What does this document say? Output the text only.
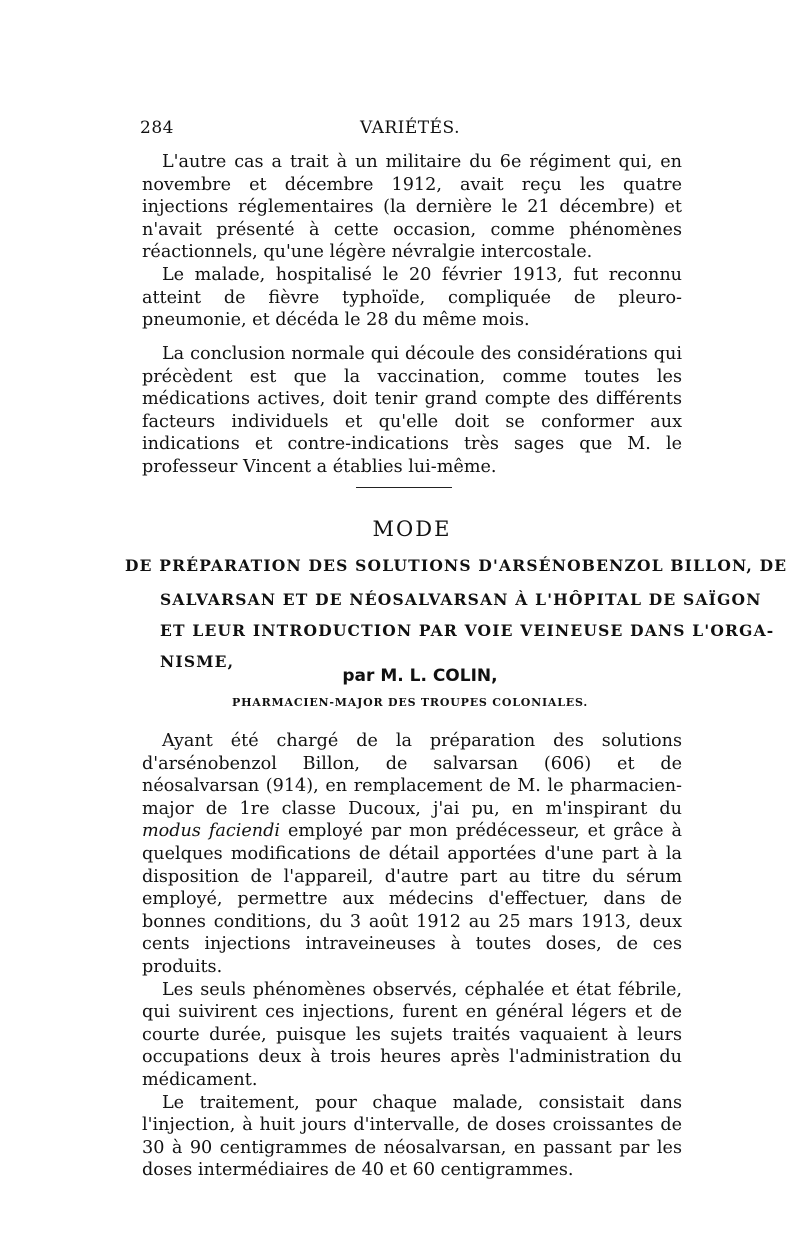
284	VARIÉTÉS.

L'autre cas a trait à un militaire du 6e régiment qui, en novembre et décembre 1912, avait reçu les quatre injections réglementaires (la dernière le 21 décembre) et n'avait présenté à cette occasion, comme phénomènes réactionnels, qu'une légère névralgie intercostale.

Le malade, hospitalisé le 20 février 1913, fut reconnu atteint de fièvre typhoïde, compliquée de pleuro-pneumonie, et décéda le 28 du même mois.

La conclusion normale qui découle des considérations qui précèdent est que la vaccination, comme toutes les médications actives, doit tenir grand compte des différents facteurs individuels et qu'elle doit se conformer aux indications et contre-indications très sages que M. le professeur Vincent a établies lui-même.

MODE
DE PRÉPARATION DES SOLUTIONS D'ARSÉNOBENZOL BILLON, DE
SALVARSAN ET DE NÉOSALVARSAN À L'HÔPITAL DE SAÏGON
ET LEUR INTRODUCTION PAR VOIE VEINEUSE DANS L'ORGA-
NISME,
par M. L. COLIN,
PHARMACIEN-MAJOR DES TROUPES COLONIALES.

Ayant été chargé de la préparation des solutions d'arsénobenzol Billon, de salvarsan (606) et de néosalvarsan (914), en remplacement de M. le pharmacien-major de 1re classe Ducoux, j'ai pu, en m'inspirant du modus faciendi employé par mon prédécesseur, et grâce à quelques modifications de détail apportées d'une part à la disposition de l'appareil, d'autre part au titre du sérum employé, permettre aux médecins d'effectuer, dans de bonnes conditions, du 3 août 1912 au 25 mars 1913, deux cents injections intraveineuses à toutes doses, de ces produits.

Les seuls phénomènes observés, céphalée et état fébrile, qui suivirent ces injections, furent en général légers et de courte durée, puisque les sujets traités vaquaient à leurs occupations deux à trois heures après l'administration du médicament.

Le traitement, pour chaque malade, consistait dans l'injection, à huit jours d'intervalle, de doses croissantes de 30 à 90 centigrammes de néosalvarsan, en passant par les doses intermédiaires de 40 et 60 centigrammes.
